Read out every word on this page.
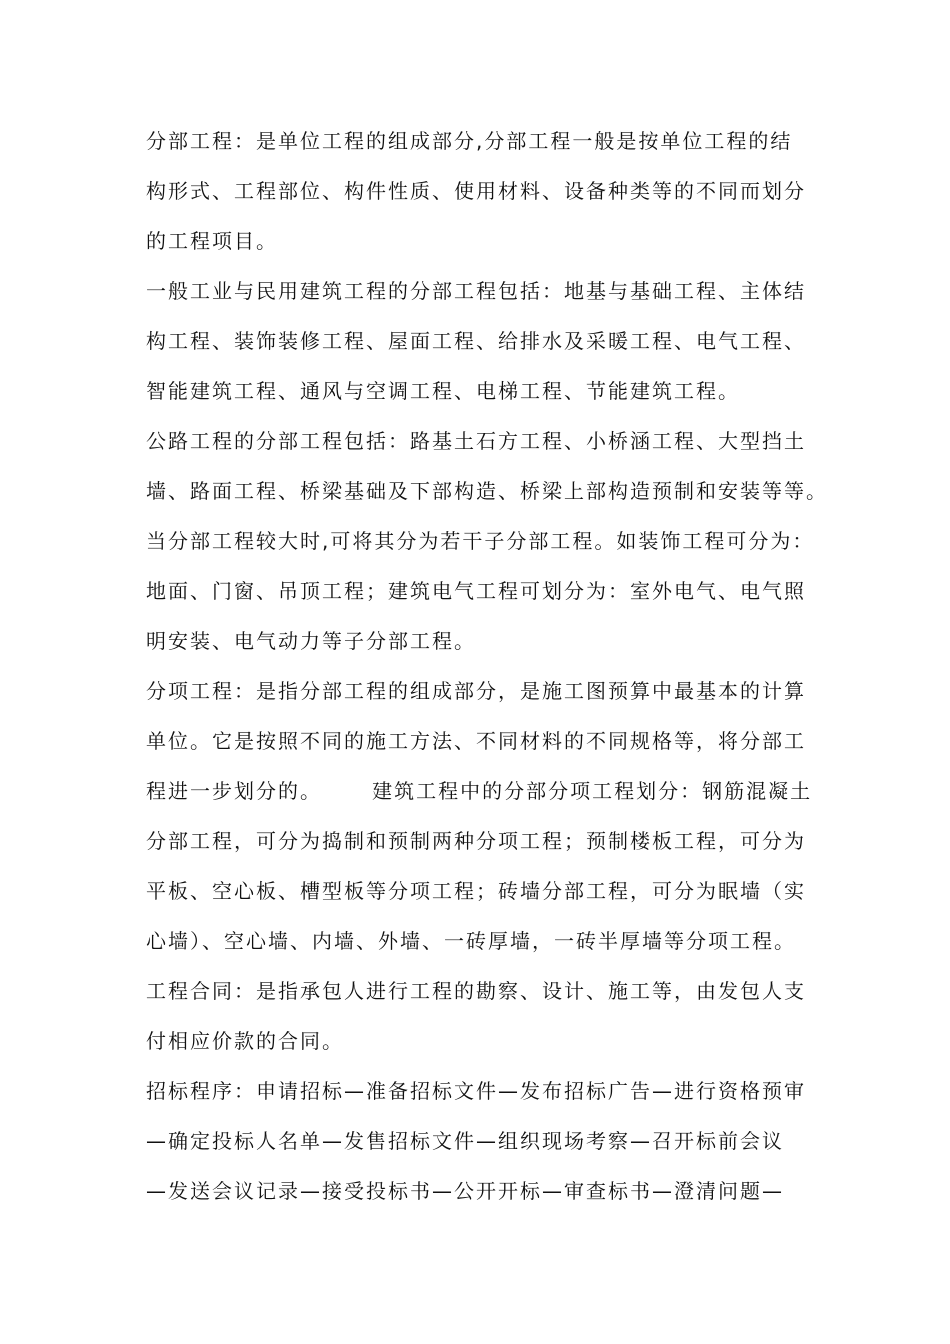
分部工程：是单位工程的组成部分,分部工程一般是按单位工程的结

构形式、工程部位、构件性质、使用材料、设备种类等的不同而划分

的工程项目。

一般工业与民用建筑工程的分部工程包括：地基与基础工程、主体结

构工程、装饰装修工程、屋面工程、给排水及采暖工程、电气工程、

智能建筑工程、通风与空调工程、电梯工程、节能建筑工程。

公路工程的分部工程包括：路基土石方工程、小桥涵工程、大型挡土

墙、路面工程、桥梁基础及下部构造、桥梁上部构造预制和安装等等。

当分部工程较大时,可将其分为若干子分部工程。如装饰工程可分为：

地面、门窗、吊顶工程；建筑电气工程可划分为：室外电气、电气照

明安装、电气动力等子分部工程。

分项工程：是指分部工程的组成部分，是施工图预算中最基本的计算

单位。它是按照不同的施工方法、不同材料的不同规格等，将分部工

程进一步划分的。      建筑工程中的分部分项工程划分：钢筋混凝土

分部工程，可分为捣制和预制两种分项工程；预制楼板工程，可分为

平板、空心板、槽型板等分项工程；砖墙分部工程，可分为眠墙（实

心墙）、空心墙、内墙、外墙、一砖厚墙，一砖半厚墙等分项工程。

工程合同：是指承包人进行工程的勘察、设计、施工等，由发包人支

付相应价款的合同。

招标程序：申请招标—准备招标文件—发布招标广告—进行资格预审

—确定投标人名单—发售招标文件—组织现场考察—召开标前会议

—发送会议记录—接受投标书—公开开标—审查标书—澄清问题—
